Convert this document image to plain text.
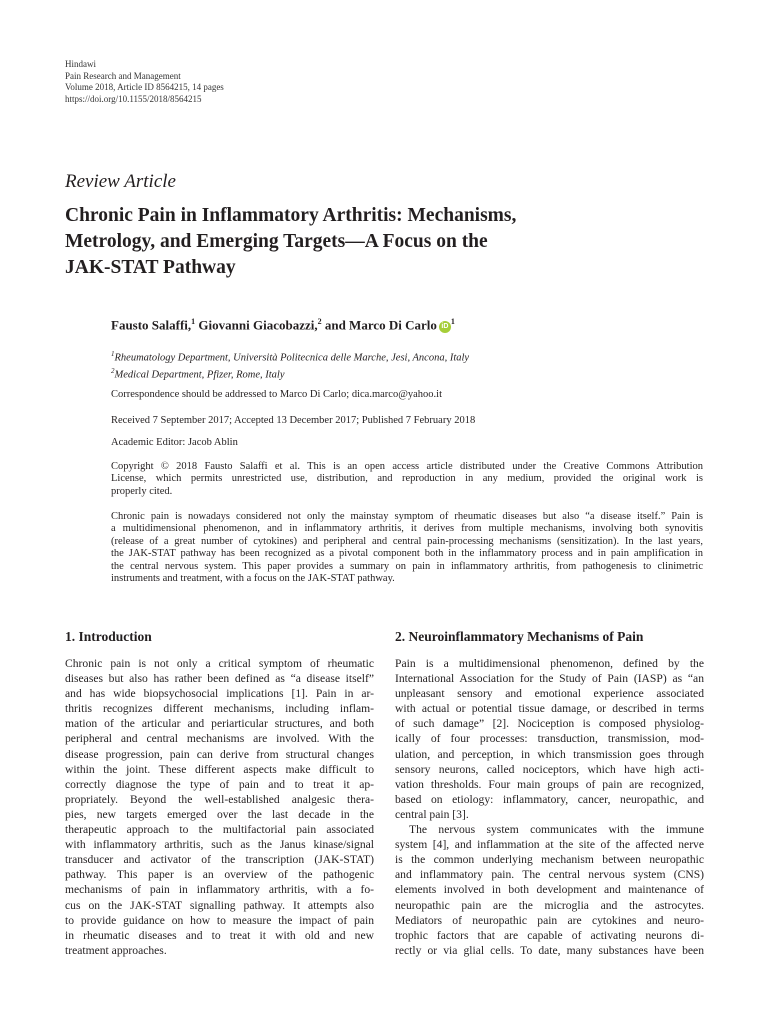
Hindawi
Pain Research and Management
Volume 2018, Article ID 8564215, 14 pages
https://doi.org/10.1155/2018/8564215
Review Article
Chronic Pain in Inflammatory Arthritis: Mechanisms,
Metrology, and Emerging Targets—A Focus on the
JAK-STAT Pathway
Fausto Salaffi,$^1$ Giovanni Giacobazzi,$^2$ and Marco Di Carlo $iD^1$
$^1$Rheumatology Department, Università Politecnica delle Marche, Jesi, Ancona, Italy
$^2$Medical Department, Pfizer, Rome, Italy
Correspondence should be addressed to Marco Di Carlo; dica.marco@yahoo.it
Received 7 September 2017; Accepted 13 December 2017; Published 7 February 2018
Academic Editor: Jacob Ablin
Copyright © 2018 Fausto Salaffi et al. This is an open access article distributed under the Creative Commons Attribution
License, which permits unrestricted use, distribution, and reproduction in any medium, provided the original work is
properly cited.
Chronic pain is nowadays considered not only the mainstay symptom of rheumatic diseases but also “a disease itself.” Pain is
a multidimensional phenomenon, and in inflammatory arthritis, it derives from multiple mechanisms, involving both synovitis
(release of a great number of cytokines) and peripheral and central pain-processing mechanisms (sensitization). In the last years,
the JAK-STAT pathway has been recognized as a pivotal component both in the inflammatory process and in pain amplification in
the central nervous system. This paper provides a summary on pain in inflammatory arthritis, from pathogenesis to clinimetric
instruments and treatment, with a focus on the JAK-STAT pathway.
1. Introduction	2. Neuroinflammatory Mechanisms of Pain
Chronic pain is not only a critical symptom of rheumatic
diseases but also has rather been defined as “a disease itself”
and has wide biopsychosocial implications [1]. Pain in ar-
thritis recognizes different mechanisms, including inflam-
mation of the articular and periarticular structures, and both
peripheral and central mechanisms are involved. With the
disease progression, pain can derive from structural changes
within the joint. These different aspects make difficult to
correctly diagnose the type of pain and to treat it ap-
propriately. Beyond the well-established analgesic thera-
pies, new targets emerged over the last decade in the
therapeutic approach to the multifactorial pain associated
with inflammatory arthritis, such as the Janus kinase/signal
transducer and activator of the transcription (JAK-STAT)
pathway. This paper is an overview of the pathogenic
mechanisms of pain in inflammatory arthritis, with a fo-
cus on the JAK-STAT signalling pathway. It attempts also
to provide guidance on how to measure the impact of pain
in rheumatic diseases and to treat it with old and new
treatment approaches.
Pain is a multidimensional phenomenon, defined by the
International Association for the Study of Pain (IASP) as “an
unpleasant sensory and emotional experience associated
with actual or potential tissue damage, or described in terms
of such damage” [2]. Nociception is composed physiolog-
ically of four processes: transduction, transmission, mod-
ulation, and perception, in which transmission goes through
sensory neurons, called nociceptors, which have high acti-
vation thresholds. Four main groups of pain are recognized,
based on etiology: inflammatory, cancer, neuropathic, and
central pain [3].
The nervous system communicates with the immune
system [4], and inflammation at the site of the affected nerve
is the common underlying mechanism between neuropathic
and inflammatory pain. The central nervous system (CNS)
elements involved in both development and maintenance of
neuropathic pain are the microglia and the astrocytes.
Mediators of neuropathic pain are cytokines and neuro-
trophic factors that are capable of activating neurons di-
rectly or via glial cells. To date, many substances have been
